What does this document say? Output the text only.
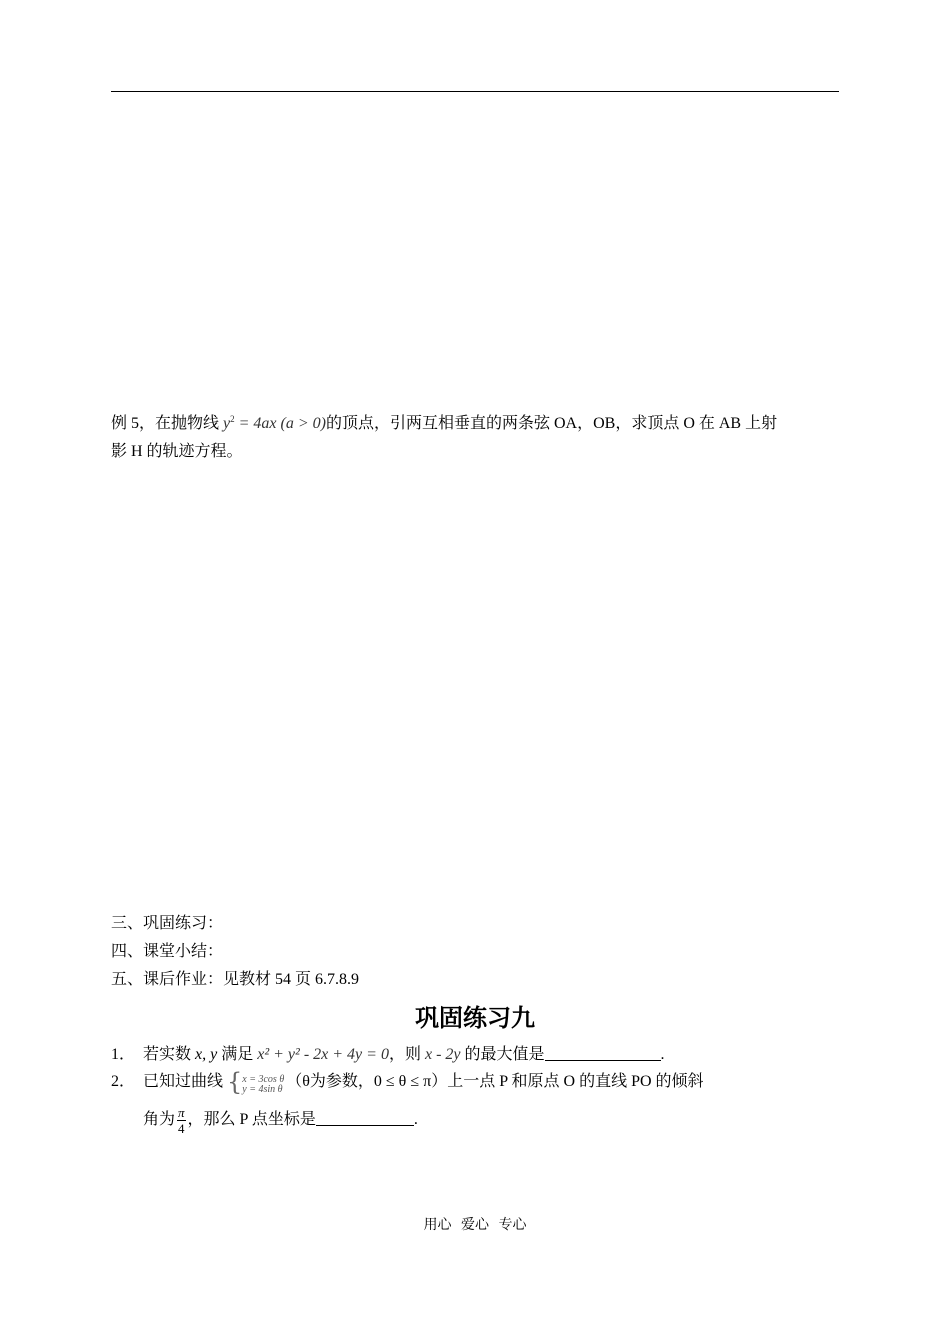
例 5，在抛物线 $y^2 = 4ax$ (a > 0)的顶点，引两互相垂直的两条弦 OA，OB，求顶点 O 在 AB 上射
影 H 的轨迹方程。
三、巩固练习：
四、课堂小结：
五、课后作业：见教材 54 页 6.7.8.9
巩固练习九
1． 若实数 x, y 满足 x² + y² - 2x + 4y = 0，则 x - 2y 的最大值是	.
2． 已知过曲线 { x = 3cos θ
y = 4sin θ （θ为参数，0 ≤ θ ≤ π）上一点 P 和原点 O 的直线 PO 的倾斜
角为 $\frac{\pi}{4}$ ，那么 P 点坐标是	.
用心 爱心 专心
